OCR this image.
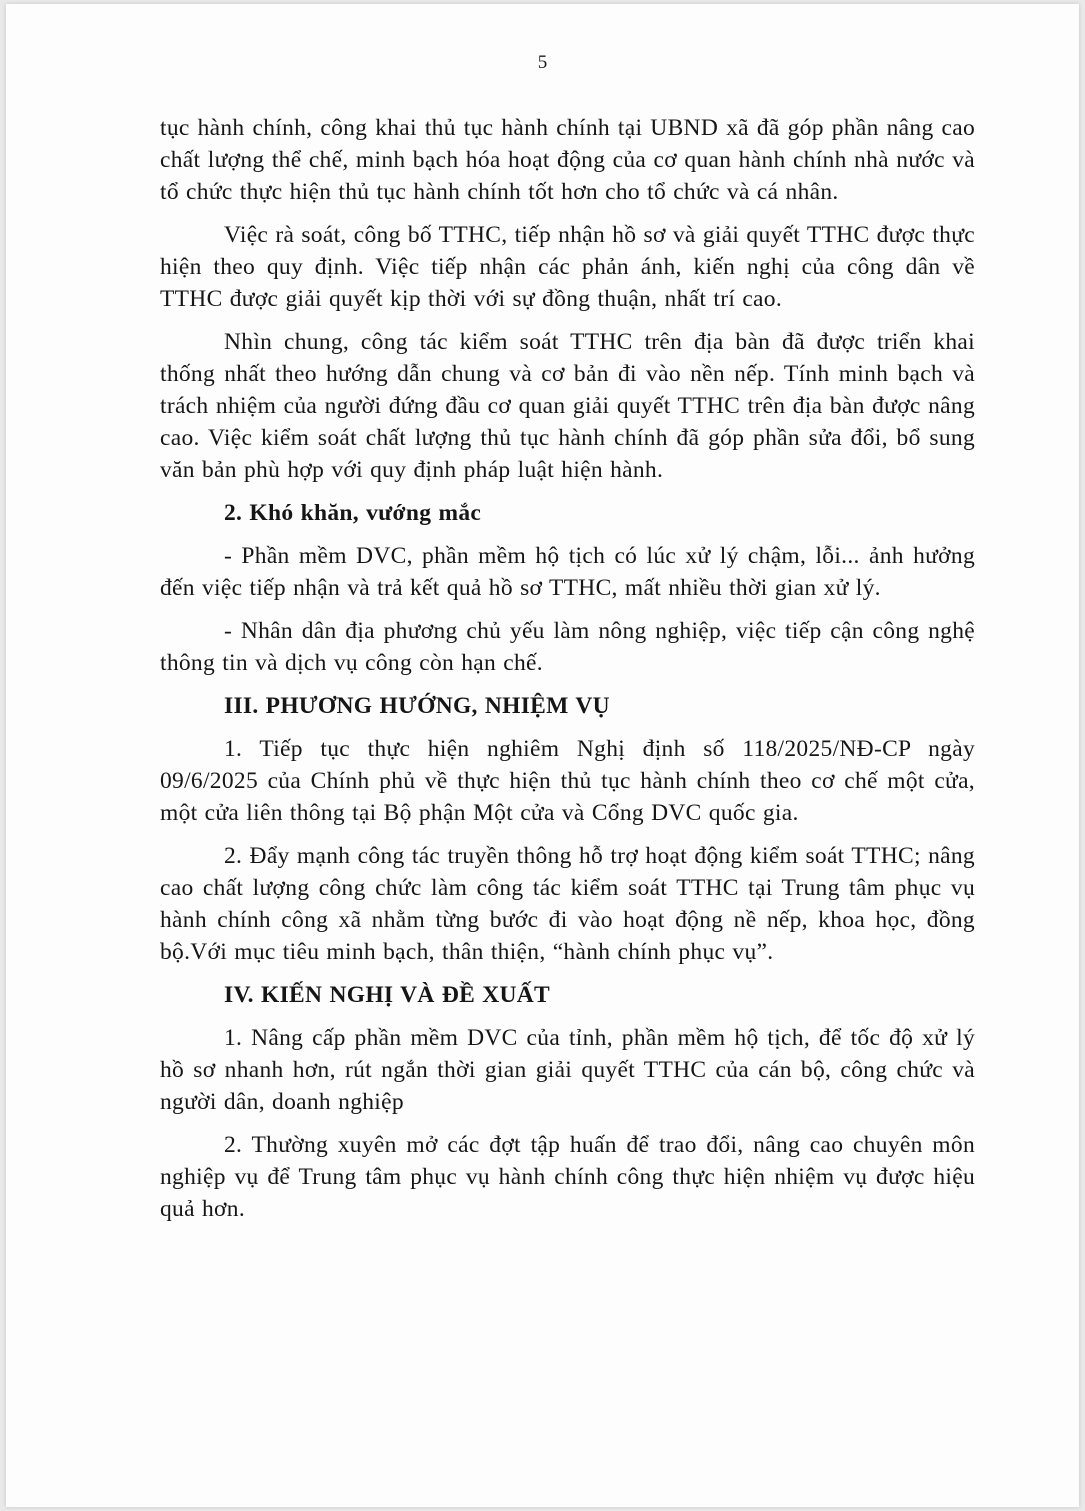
5

tục hành chính, công khai thủ tục hành chính tại UBND xã đã góp phần nâng cao chất lượng thể chế, minh bạch hóa hoạt động của cơ quan hành chính nhà nước và tổ chức thực hiện thủ tục hành chính tốt hơn cho tổ chức và cá nhân.

Việc rà soát, công bố TTHC, tiếp nhận hồ sơ và giải quyết TTHC được thực hiện theo quy định. Việc tiếp nhận các phản ánh, kiến nghị của công dân về TTHC được giải quyết kịp thời với sự đồng thuận, nhất trí cao.

Nhìn chung, công tác kiểm soát TTHC trên địa bàn đã được triển khai thống nhất theo hướng dẫn chung và cơ bản đi vào nền nếp. Tính minh bạch và trách nhiệm của người đứng đầu cơ quan giải quyết TTHC trên địa bàn được nâng cao. Việc kiểm soát chất lượng thủ tục hành chính đã góp phần sửa đổi, bổ sung văn bản phù hợp với quy định pháp luật hiện hành.

2. Khó khăn, vướng mắc

- Phần mềm DVC, phần mềm hộ tịch có lúc xử lý chậm, lỗi... ảnh hưởng đến việc tiếp nhận và trả kết quả hồ sơ TTHC, mất nhiều thời gian xử lý.

- Nhân dân địa phương chủ yếu làm nông nghiệp, việc tiếp cận công nghệ thông tin và dịch vụ công còn hạn chế.

III. PHƯƠNG HƯỚNG, NHIỆM VỤ

1. Tiếp tục thực hiện nghiêm Nghị định số 118/2025/NĐ-CP ngày 09/6/2025 của Chính phủ về thực hiện thủ tục hành chính theo cơ chế một cửa, một cửa liên thông tại Bộ phận Một cửa và Cổng DVC quốc gia.

2. Đẩy mạnh công tác truyền thông hỗ trợ hoạt động kiểm soát TTHC; nâng cao chất lượng công chức làm công tác kiểm soát TTHC tại Trung tâm phục vụ hành chính công xã nhằm từng bước đi vào hoạt động nề nếp, khoa học, đồng bộ.Với mục tiêu minh bạch, thân thiện, “hành chính phục vụ”.

IV. KIẾN NGHỊ VÀ ĐỀ XUẤT

1. Nâng cấp phần mềm DVC của tỉnh, phần mềm hộ tịch, để tốc độ xử lý hồ sơ nhanh hơn, rút ngắn thời gian giải quyết TTHC của cán bộ, công chức và người dân, doanh nghiệp

2. Thường xuyên mở các đợt tập huấn để trao đổi, nâng cao chuyên môn nghiệp vụ để Trung tâm phục vụ hành chính công thực hiện nhiệm vụ được hiệu quả hơn.
